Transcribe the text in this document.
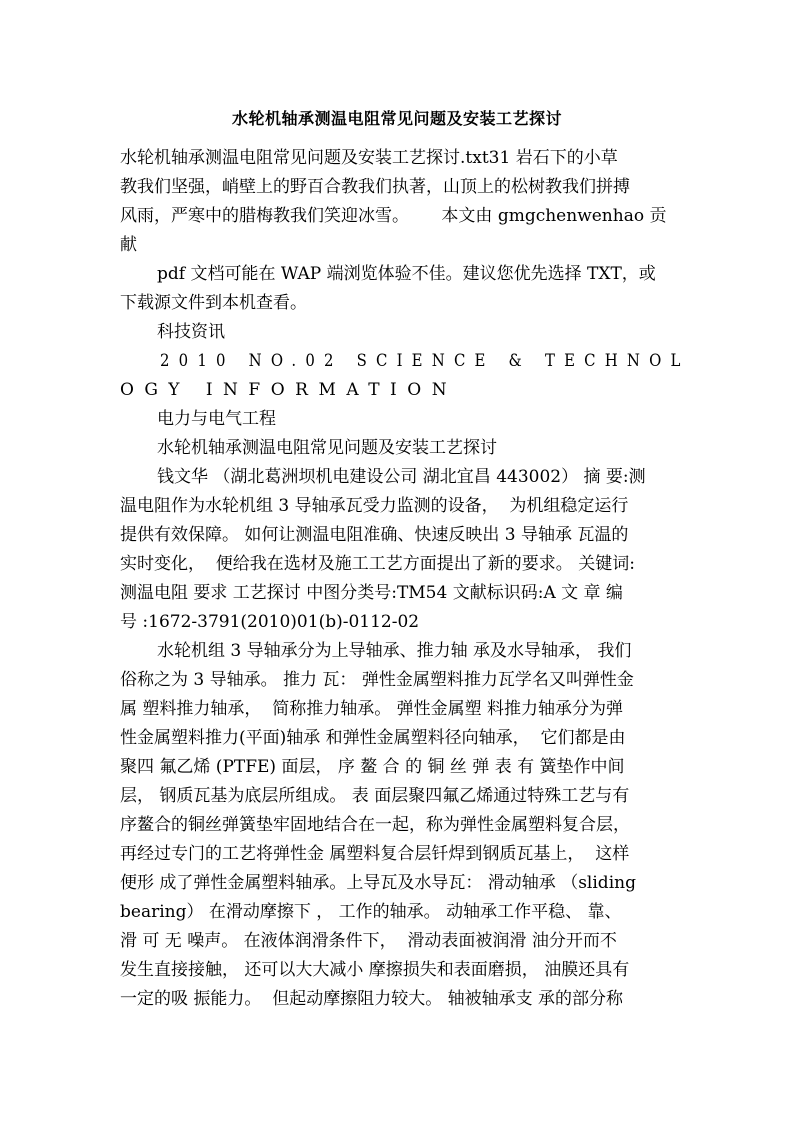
水轮机轴承测温电阻常见问题及安装工艺探讨
水轮机轴承测温电阻常见问题及安装工艺探讨.txt31 岩石下的小草
教我们坚强，峭壁上的野百合教我们执著，山顶上的松树教我们拼搏
风雨，严寒中的腊梅教我们笑迎冰雪。      本文由 gmgchenwenhao 贡
献
pdf 文档可能在 WAP 端浏览体验不佳。建议您优先选择 TXT，或
下载源文件到本机查看。
科技资讯
2010 NO.02 SCIENCE & TECHNOL
OGY INFORMATION
电力与电气工程
水轮机轴承测温电阻常见问题及安装工艺探讨
钱文华 （湖北葛洲坝机电建设公司 湖北宜昌 443002） 摘 要:测
温电阻作为水轮机组 3 导轴承瓦受力监测的设备，  为机组稳定运行
提供有效保障。 如何让测温电阻准确、快速反映出 3 导轴承 瓦温的
实时变化，  便给我在选材及施工工艺方面提出了新的要求。 关键词:
测温电阻 要求 工艺探讨 中图分类号:TM54 文献标识码:A 文 章 编
号 :1672-3791(2010)01(b)-0112-02
水轮机组 3 导轴承分为上导轴承、推力轴 承及水导轴承， 我们
俗称之为 3 导轴承。 推力 瓦： 弹性金属塑料推力瓦学名又叫弹性金
属 塑料推力轴承，  简称推力轴承。 弹性金属塑 料推力轴承分为弹
性金属塑料推力(平面)轴承 和弹性金属塑料径向轴承，  它们都是由
聚四 氟乙烯 (PTFE) 面层， 序 鳌 合 的 铜 丝 弹 表 有 簧垫作中间
层， 钢质瓦基为底层所组成。 表 面层聚四氟乙烯通过特殊工艺与有
序鳌合的铜丝弹簧垫牢固地结合在一起，称为弹性金属塑料复合层，
再经过专门的工艺将弹性金 属塑料复合层钎焊到钢质瓦基上，  这样
便形 成了弹性金属塑料轴承。上导瓦及水导瓦： 滑动轴承 （sliding
bearing） 在滑动摩擦下 ， 工作的轴承。 动轴承工作平稳、 靠、
滑 可 无 噪声。 在液体润滑条件下，  滑动表面被润滑 油分开而不
发生直接接触， 还可以大大减小 摩擦损失和表面磨损， 油膜还具有
一定的吸 振能力。  但起动摩擦阻力较大。 轴被轴承支 承的部分称
